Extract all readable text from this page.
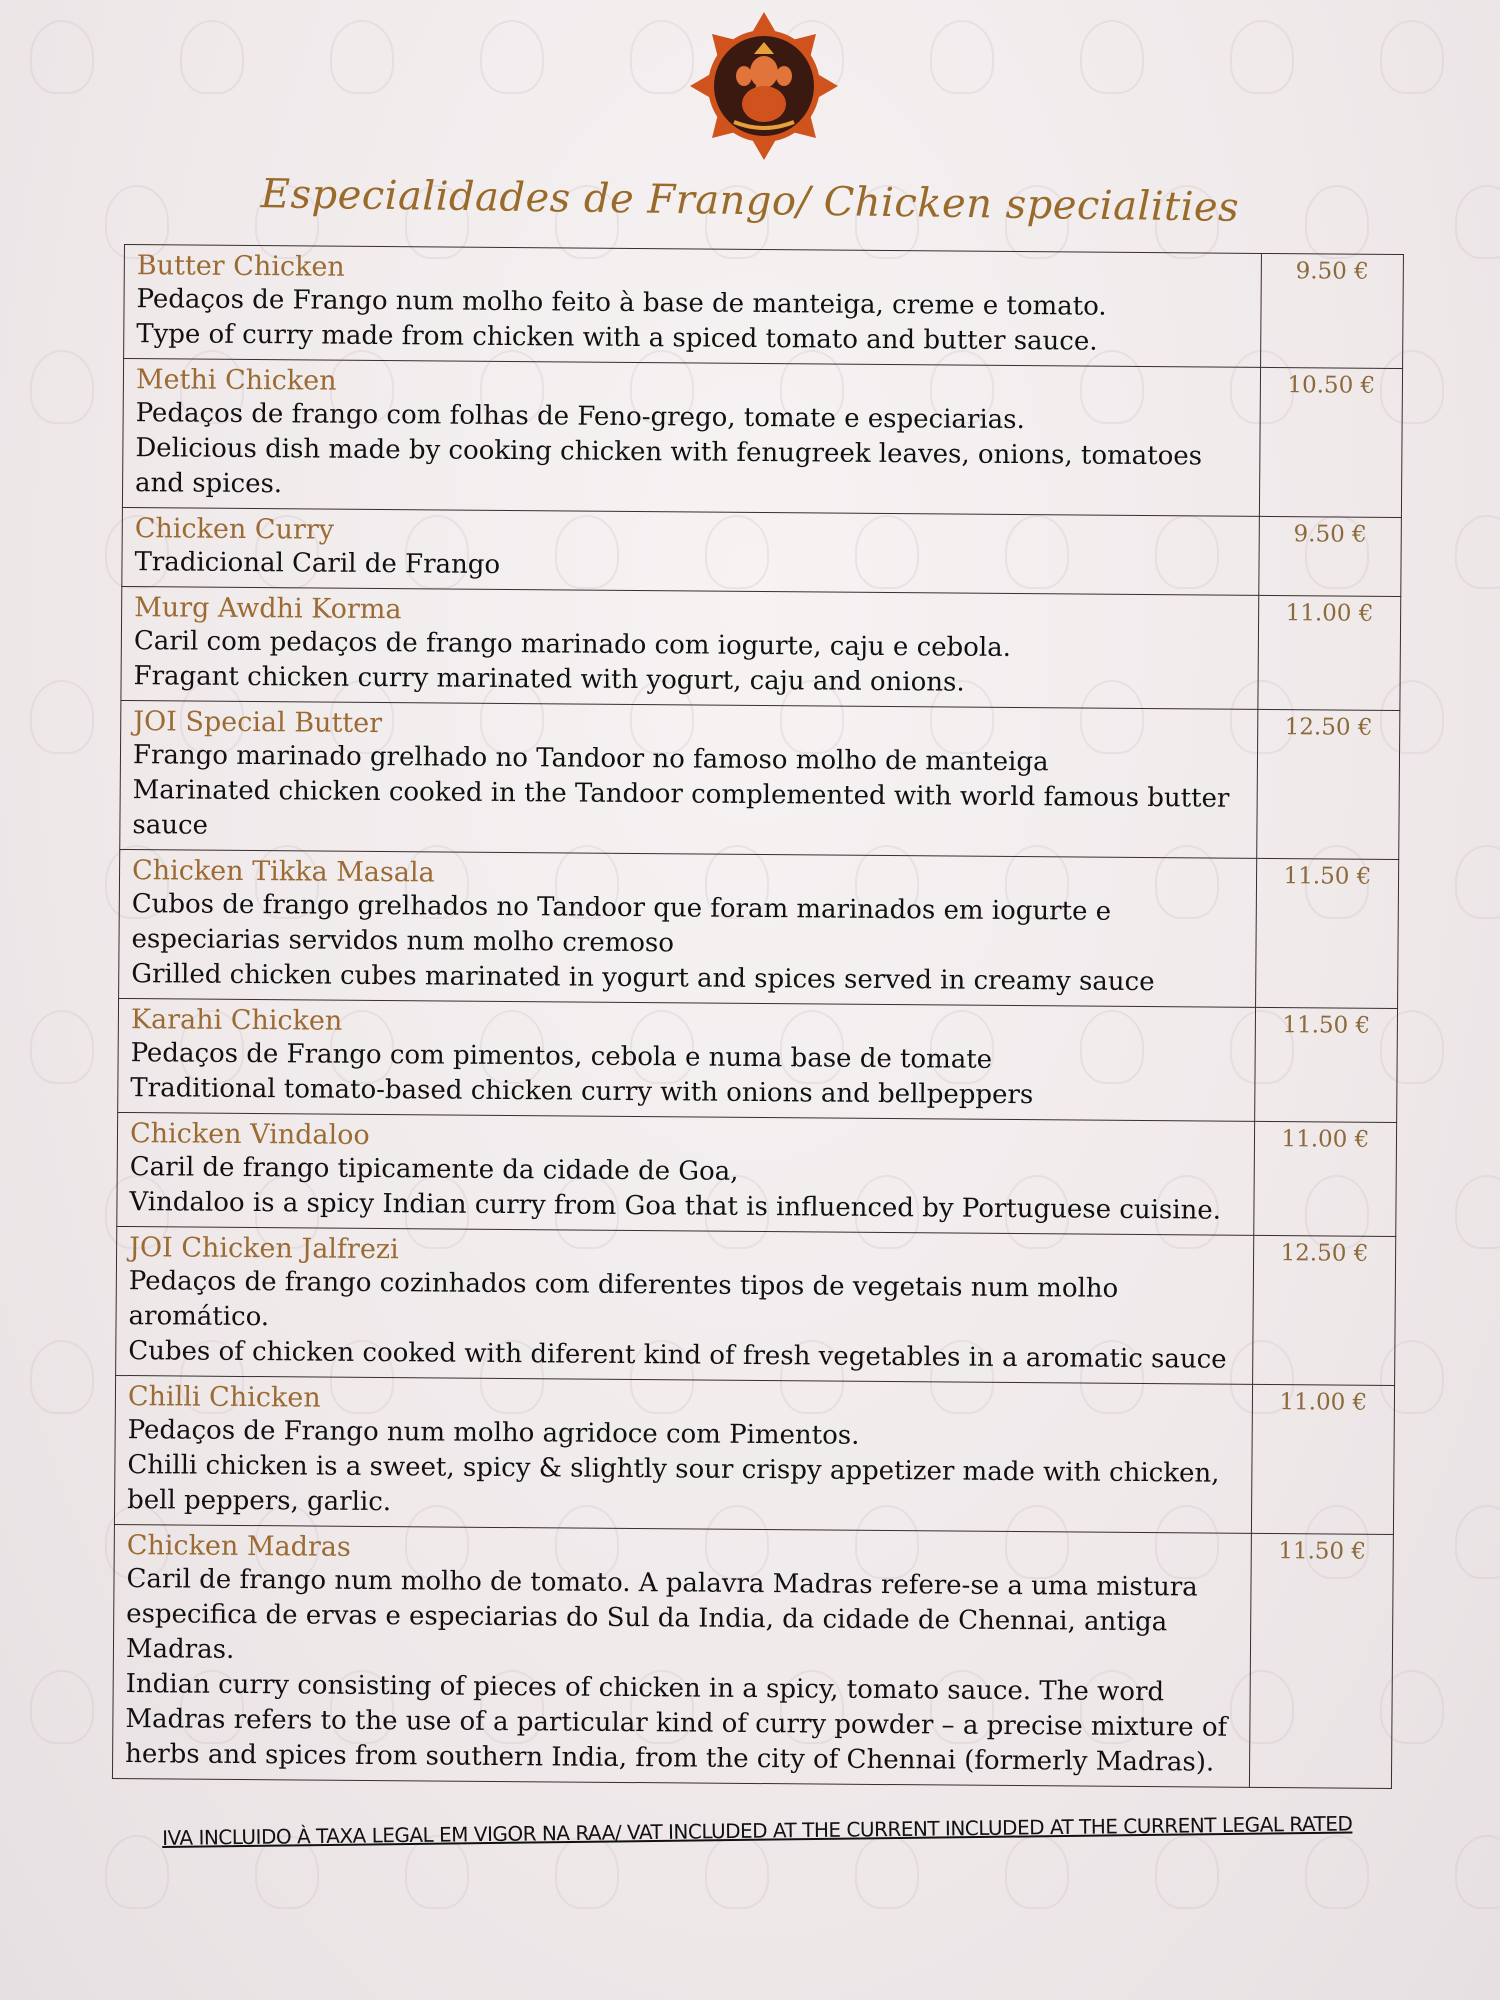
Especialidades de Frango/ Chicken specialities
Butter Chicken
Pedaços de Frango num molho feito à base de manteiga, creme e tomato.
Type of curry made from chicken with a spiced tomato and butter sauce.	9.50 €

Methi Chicken
Pedaços de frango com folhas de Feno-grego, tomate e especiarias.
Delicious dish made by cooking chicken with fenugreek leaves, onions, tomatoes and spices.	10.50 €

Chicken Curry
Tradicional Caril de Frango	9.50 €

Murg Awdhi Korma
Caril com pedaços de frango marinado com iogurte, caju e cebola.
Fragant chicken curry marinated with yogurt, caju and onions.	11.00 €

JOI Special Butter
Frango marinado grelhado no Tandoor no famoso molho de manteiga
Marinated chicken cooked in the Tandoor complemented with world famous butter sauce	12.50 €

Chicken Tikka Masala
Cubos de frango grelhados no Tandoor que foram marinados em iogurte e especiarias servidos num molho cremoso
Grilled chicken cubes marinated in yogurt and spices served in creamy sauce	11.50 €

Karahi Chicken
Pedaços de Frango com pimentos, cebola e numa base de tomate
Traditional tomato-based chicken curry with onions and bellpeppers	11.50 €

Chicken Vindaloo
Caril de frango tipicamente da cidade de Goa,
Vindaloo is a spicy Indian curry from Goa that is influenced by Portuguese cuisine.	11.00 €

JOI Chicken Jalfrezi
Pedaços de frango cozinhados com diferentes tipos de vegetais num molho aromático.
Cubes of chicken cooked with diferent kind of fresh vegetables in a aromatic sauce	12.50 €

Chilli Chicken
Pedaços de Frango num molho agridoce com Pimentos.
Chilli chicken is a sweet, spicy & slightly sour crispy appetizer made with chicken, bell peppers, garlic.	11.00 €

Chicken Madras
Caril de frango num molho de tomato. A palavra Madras refere-se a uma mistura especifica de ervas e especiarias do Sul da India, da cidade de Chennai, antiga Madras.
Indian curry consisting of pieces of chicken in a spicy, tomato sauce. The word Madras refers to the use of a particular kind of curry powder – a precise mixture of herbs and spices from southern India, from the city of Chennai (formerly Madras).	11.50 €
IVA INCLUIDO À TAXA LEGAL EM VIGOR NA RAA/ VAT INCLUDED AT THE CURRENT INCLUDED AT THE CURRENT LEGAL RATED
